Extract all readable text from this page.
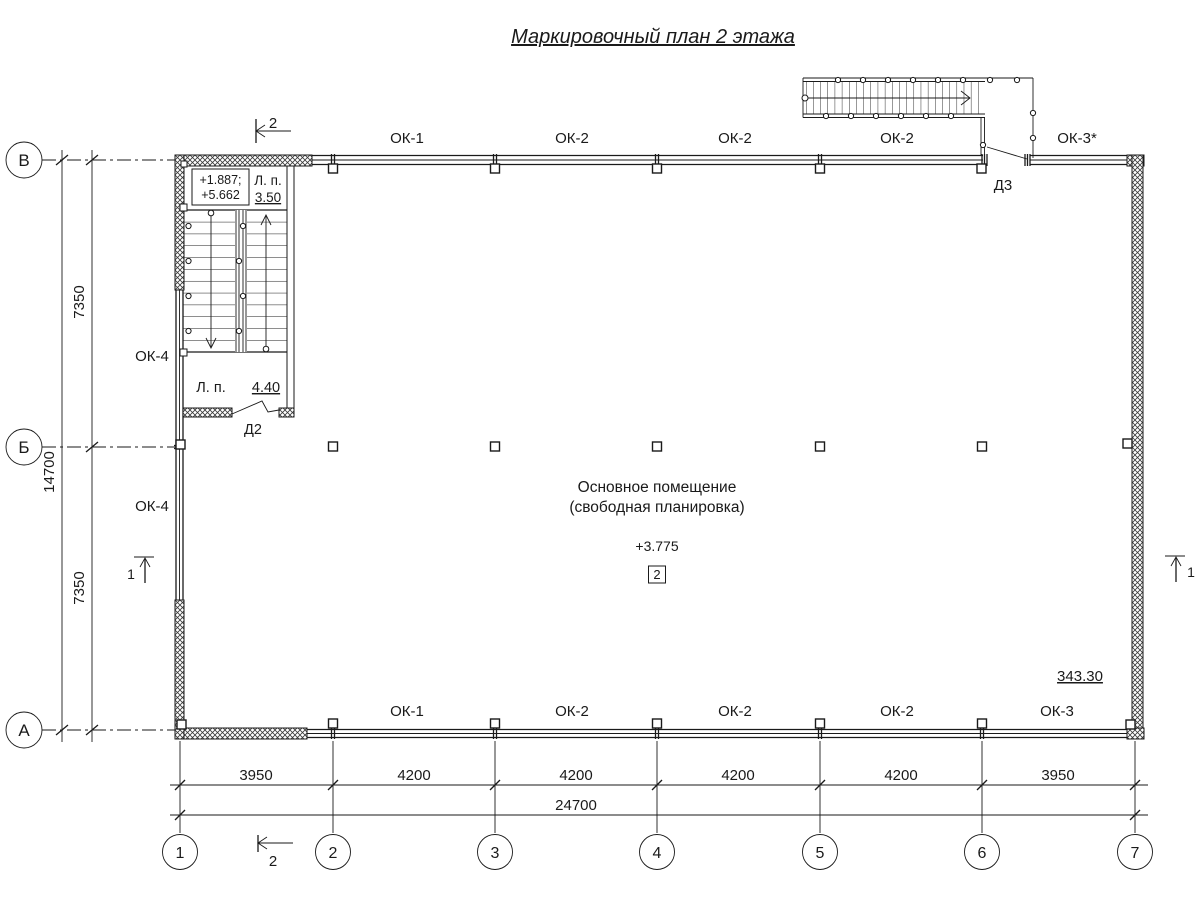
Маркировочный план 2 этажа
14700
7350
7350
В
Б
А
+1.887;
+5.662
Л. п.
3.50
Л. п. 4.40
Д2
Д3
ОК-1	ОК-2	ОК-2	ОК-2	ОК-3*
ОК-1	ОК-2	ОК-2	ОК-2	ОК-3
ОК-4
ОК-4
343.30
Основное помещение
(свободная планировка)
+3.775
2
2
2
1	1
3950	4200	4200	4200	4200	3950
24700
1	2	3	4	5	6	7
